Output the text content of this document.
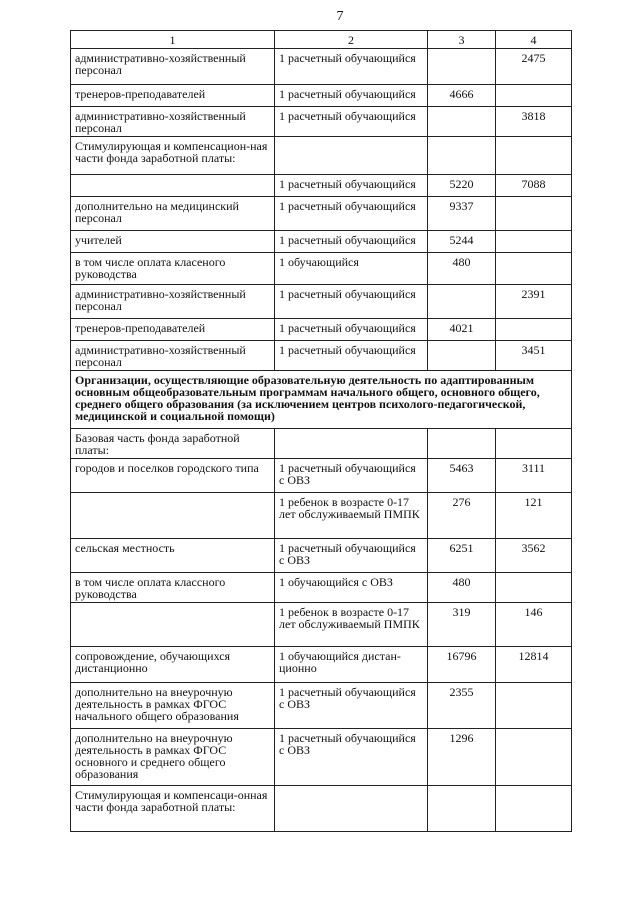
7
1	2	3	4
административно-хозяйственный персонал	1 расчетный обучающийся		2475
тренеров-преподавателей	1 расчетный обучающийся	4666	
административно-хозяйственный персонал	1 расчетный обучающийся		3818
Стимулирующая и компенсацион-ная части фонда заработной платы:			
	1 расчетный обучающийся	5220	7088
дополнительно на медицинский персонал	1 расчетный обучающийся	9337	
учителей	1 расчетный обучающийся	5244	
в том числе оплата класеного руководства	1 обучающийся	480	
административно-хозяйственный персонал	1 расчетный обучающийся		2391
тренеров-преподавателей	1 расчетный обучающийся	4021	
административно-хозяйственный персонал	1 расчетный обучающийся		3451
Организации, осуществляющие образовательную деятельность по адаптированным основным общеобразовательным программам начального общего, основного общего, среднего общего образования (за исключением центров психолого-педагогической, медицинской и социальной помощи)			
Базовая часть фонда заработной платы:			
городов и поселков городского типа	1 расчетный обучающийся с ОВЗ	5463	3111
	1 ребенок в возрасте 0-17 лет обслуживаемый ПМПК	276	121
сельская местность	1 расчетный обучающийся с ОВЗ	6251	3562
в том числе оплата классного руководства	1 обучающийся с ОВЗ	480	
	1 ребенок в возрасте 0-17 лет обслуживаемый ПМПК	319	146
сопровождение, обучающихся дистанционно	1 обучающийся дистан-ционно	16796	12814
дополнительно на внеурочную деятельность в рамках ФГОС начального общего образования	1 расчетный обучающийся с ОВЗ	2355	
дополнительно на внеурочную деятельность в рамках ФГОС основного и среднего общего образования	1 расчетный обучающийся с ОВЗ	1296	
Стимулирующая и компенсаци-онная части фонда заработной платы:			
